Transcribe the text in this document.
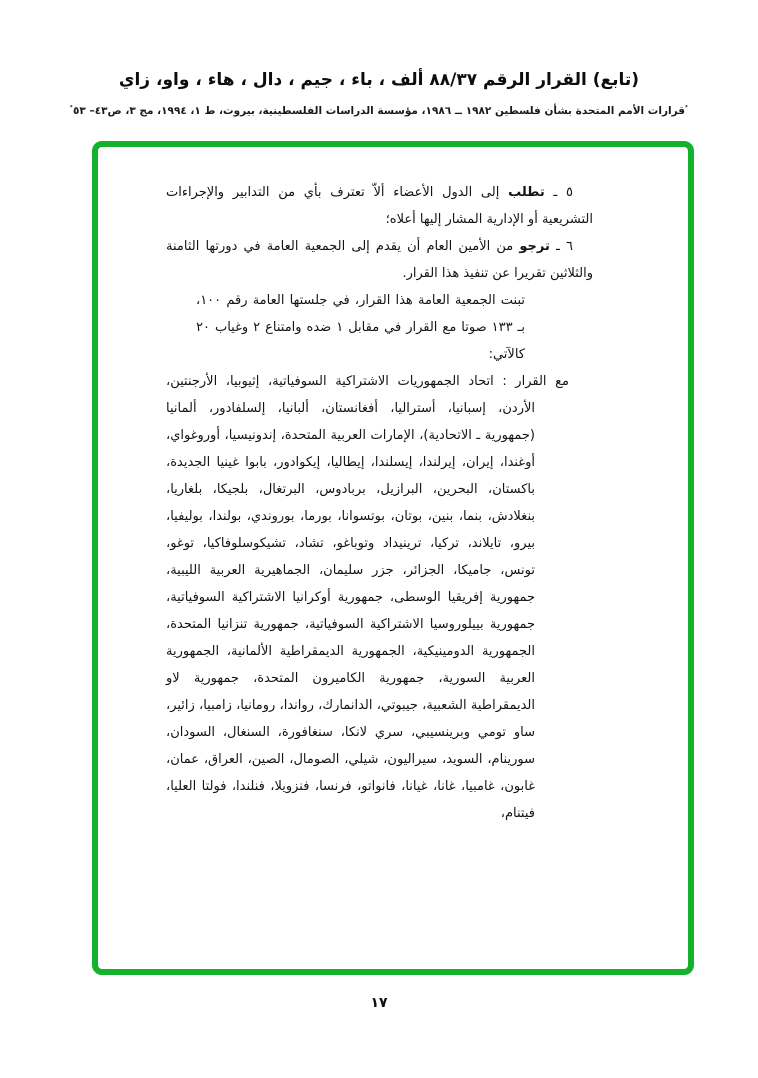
(تابع) القرار الرقم ٨٨/٣٧ ألف ، باء ، جيم ، دال ، هاء ، واو، زاي
ٴقرارات الأمم المتحدة بشأن فلسطين ١٩٨٢ ــ ١٩٨٦، مؤسسة الدراسات الفلسطينية، بيروت، ط ١، ١٩٩٤، مج ٣، ص٤٣– ٥٣ٴ

٥ ـ تطلب إلى الدول الأعضاء ألاّ تعترف بأي من التدابير والإجراءات التشريعية أو الإدارية المشار إليها أعلاه؛

٦ ـ ترجو من الأمين العام أن يقدم إلى الجمعية العامة في دورتها الثامنة والثلاثين تقريرا عن تنفيذ هذا القرار.

تبنت الجمعية العامة هذا القرار، في جلستها العامة رقم ١٠٠، بـ ١٣٣ صوتا مع القرار في مقابل ١ ضده وامتناع ٢ وغياب ٢٠ كالآتي:

مع القرار : اتحاد الجمهوريات الاشتراكية السوفياتية، إثيوبيا، الأرجنتين، الأردن، إسبانيا، أستراليا، أفغانستان، ألبانيا، إلسلفادور، ألمانيا (جمهورية ـ الاتحادية)، الإمارات العربية المتحدة، إندونيسيا، أوروغواي، أوغندا، إيران، إيرلندا، إيسلندا، إيطاليا، إيكوادور، بابوا غينيا الجديدة، باكستان، البحرين، البرازيل، بربادوس، البرتغال، بلجيكا، بلغاريا، بنغلادش، بنما، بنين، بوتان، بوتسوانا، بورما، بوروندي، بولندا، بوليفيا، بيرو، تايلاند، تركيا، ترينيداد وتوباغو، تشاد، تشيكوسلوفاكيا، توغو، تونس، جاميكا، الجزائر، جزر سليمان، الجماهيرية العربية الليبية، جمهورية إفريقيا الوسطى، جمهورية أوكرانيا الاشتراكية السوفياتية، جمهورية بييلوروسيا الاشتراكية السوفياتية، جمهورية تنزانيا المتحدة، الجمهورية الدومينيكية، الجمهورية الديمقراطية الألمانية، الجمهورية العربية السورية، جمهورية الكاميرون المتحدة، جمهورية لاو الديمقراطية الشعبية، جيبوتي، الدانمارك، رواندا، رومانيا، زامبيا، زائير، ساو تومي وبرينسيبي، سري لانكا، سنغافورة، السنغال، السودان، سورينام، السويد، سيراليون، شيلي، الصومال، الصين، العراق، عمان، غابون، غامبيا، غانا، غيانا، فانواتو، فرنسا، فنزويلا، فنلندا، فولتا العليا، فيتنام،

١٧
